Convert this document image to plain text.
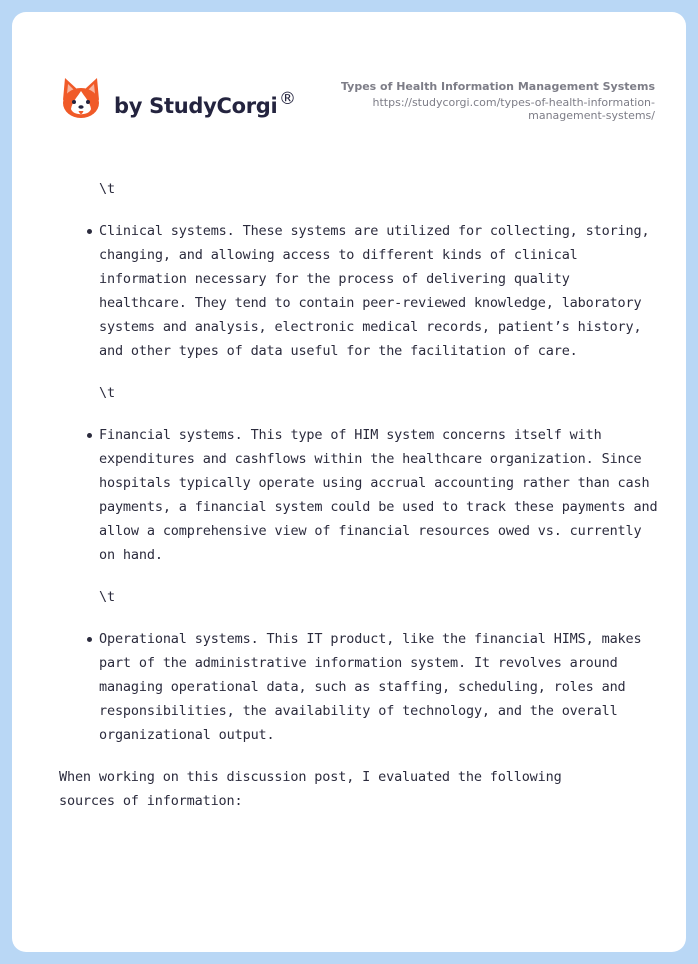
by StudyCorgi ®
Types of Health Information Management Systems
https://studycorgi.com/types-of-health-information-
management-systems/
\t
Clinical systems. These systems are utilized for collecting, storing, changing, and allowing access to different kinds of clinical information necessary for the process of delivering quality healthcare. They tend to contain peer-reviewed knowledge, laboratory systems and analysis, electronic medical records, patient’s history, and other types of data useful for the facilitation of care.
\t
Financial systems. This type of HIM system concerns itself with expenditures and cashflows within the healthcare organization. Since hospitals typically operate using accrual accounting rather than cash payments, a financial system could be used to track these payments and allow a comprehensive view of financial resources owed vs. currently on hand.
\t
Operational systems. This IT product, like the financial HIMS, makes part of the administrative information system. It revolves around managing operational data, such as staffing, scheduling, roles and responsibilities, the availability of technology, and the overall organizational output.

When working on this discussion post, I evaluated the following sources of information:
